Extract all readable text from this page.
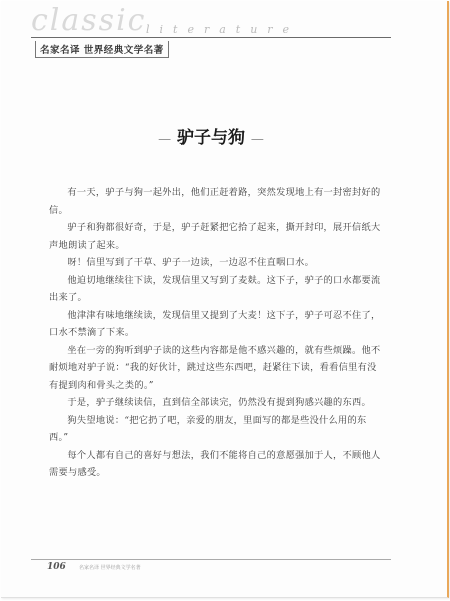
classic literature
名家名译 世界经典文学名著
— 驴子与狗 —

有一天，驴子与狗一起外出，他们正赶着路，突然发现地上有一封密封好的信。

驴子和狗都很好奇，于是，驴子赶紧把它拾了起来，撕开封印，展开信纸大声地朗读了起来。

呀！信里写到了干草、驴子一边读，一边忍不住直咽口水。

他迫切地继续往下读，发现信里又写到了麦麸。这下子，驴子的口水都要流出来了。

他津津有味地继续读，发现信里又提到了大麦！这下子，驴子可忍不住了，口水不禁滴了下来。

坐在一旁的狗听到驴子读的这些内容都是他不感兴趣的，就有些烦躁。他不耐烦地对驴子说：“我的好伙计，跳过这些东西吧，赶紧往下读，看看信里有没有提到肉和骨头之类的。”

于是，驴子继续读信，直到信全部读完，仍然没有提到狗感兴趣的东西。

狗失望地说：“把它扔了吧，亲爱的朋友，里面写的都是些没什么用的东西。”

每个人都有自己的喜好与想法，我们不能将自己的意愿强加于人，不顾他人需要与感受。

106	名家名译 世界经典文学名著
